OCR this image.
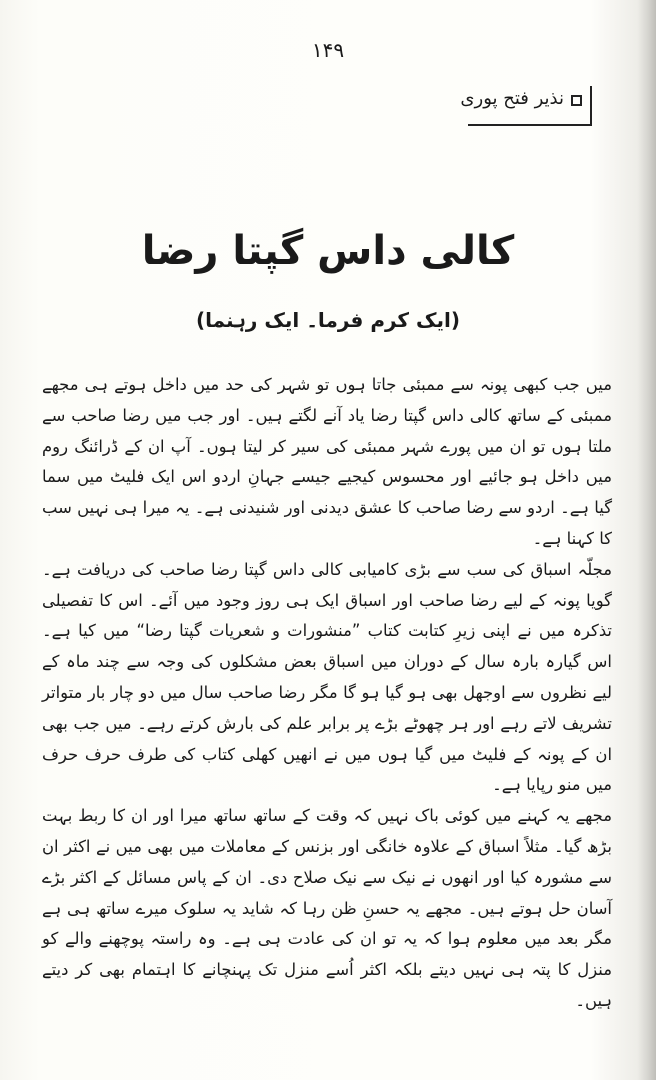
۱۴۹
نذیر فتح پوری
کالی داس گپتا رضا
(ایک کرم فرما۔ ایک رہنما)

میں جب کبھی پونہ سے ممبئی جاتا ہوں تو شہر کی حد میں داخل ہوتے ہی مجھے ممبئی کے ساتھ کالی داس گپتا رضا یاد آنے لگتے ہیں۔ اور جب میں رضا صاحب سے ملتا ہوں تو ان میں پورے شہر ممبئی کی سیر کر لیتا ہوں۔ آپ ان کے ڈرائنگ روم میں داخل ہو جائیے اور محسوس کیجیے جیسے جہانِ اردو اس ایک فلیٹ میں سما گیا ہے۔ اردو سے رضا صاحب کا عشق دیدنی اور شنیدنی ہے۔ یہ میرا ہی نہیں سب کا کہنا ہے۔

مجلّہ اسباق کی سب سے بڑی کامیابی کالی داس گپتا رضا صاحب کی دریافت ہے۔ گویا پونہ کے لیے رضا صاحب اور اسباق ایک ہی روز وجود میں آئے۔ اس کا تفصیلی تذکرہ میں نے اپنی زیرِ کتابت کتاب ”منشورات و شعریات گپتا رضا“ میں کیا ہے۔ اس گیارہ بارہ سال کے دوران میں اسباق بعض مشکلوں کی وجہ سے چند ماہ کے لیے نظروں سے اوجھل بھی ہو گیا ہو گا مگر رضا صاحب سال میں دو چار بار متواتر تشریف لاتے رہے اور ہر چھوٹے بڑے پر برابر علم کی بارش کرتے رہے۔ میں جب بھی ان کے پونہ کے فلیٹ میں گیا ہوں میں نے انھیں کھلی کتاب کی طرف حرف حرف میں منو رپایا ہے۔

مجھے یہ کہنے میں کوئی باک نہیں کہ وقت کے ساتھ ساتھ میرا اور ان کا ربط بہت بڑھ گیا۔ مثلاً اسباق کے علاوہ خانگی اور بزنس کے معاملات میں بھی میں نے اکثر ان سے مشورہ کیا اور انھوں نے نیک سے نیک صلاح دی۔ ان کے پاس مسائل کے اکثر بڑے آسان حل ہوتے ہیں۔ مجھے یہ حسنِ ظن رہا کہ شاید یہ سلوک میرے ساتھ ہی ہے مگر بعد میں معلوم ہوا کہ یہ تو ان کی عادت ہی ہے۔ وہ راستہ پوچھنے والے کو منزل کا پتہ ہی نہیں دیتے بلکہ اکثر اُسے منزل تک پہنچانے کا اہتمام بھی کر دیتے ہیں۔
